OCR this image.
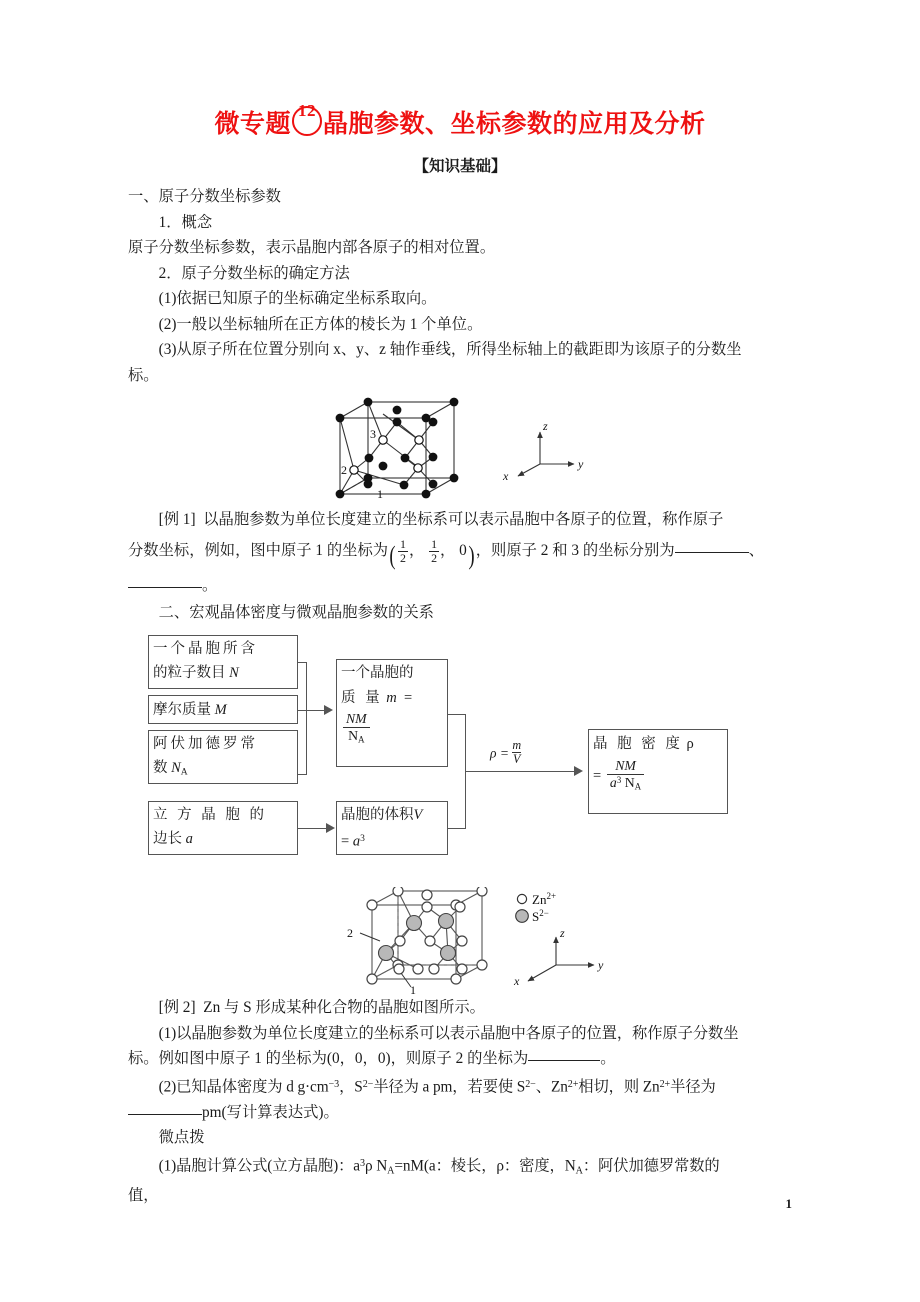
微专题
12
晶胞参数、坐标参数的应用及分析
【知识基础】

一、原子分数坐标参数

1．概念

原子分数坐标参数，表示晶胞内部各原子的相对位置。

2．原子分数坐标的确定方法

(1)依据已知原子的坐标确定坐标系取向。

(2)一般以坐标轴所在正方体的棱长为 1 个单位。

(3)从原子所在位置分别向 x、y、z 轴作垂线，所得坐标轴上的截距即为该原子的分数坐

标。

1
2
3
z
y
x

[例 1] 以晶胞参数为单位长度建立的坐标系可以表示晶胞中各原子的位置，称作原子

分数坐标，例如，图中原子 1 的坐标为( $\frac{1}{2}$ ， $\frac{1}{2}$ ， 0)，则原子 2 和 3 的坐标分别为	、

。

二、宏观晶体密度与微观晶胞参数的关系

一个晶胞所含
的粒子数目 N
摩尔质量 M
阿伏加德罗常
数 $N_A$
一个晶胞的
质 量 m =

$\frac{NM}{N_A}$
立 方 晶 胞 的
边长 a
晶胞的体积V
= $a^3$
$\rho = \frac{m}{V}$	晶 胞 密 度 ρ
= $\frac{NM}{a^3 N_A}$
2
1
$Zn^{2+}$
$S^{2-}$
z
y
x

[例 2] Zn 与 S 形成某种化合物的晶胞如图所示。

(1)以晶胞参数为单位长度建立的坐标系可以表示晶胞中各原子的位置，称作原子分数坐

标。例如图中原子 1 的坐标为(0，0，0)，则原子 2 的坐标为	。

(2)已知晶体密度为 d $g\cdot cm^{-3}$，$S^{2-}$半径为 a pm，若要使 $S^{2-}$、$Zn^{2+}$相切，则 $Zn^{2+}$半径为

pm(写计算表达式)。

微点拨

(1)晶胞计算公式(立方晶胞)：$a^3\rho$ $N_A=nM(a$：棱长，ρ：密度，$N_A$：阿伏加德罗常数的

值，	1
